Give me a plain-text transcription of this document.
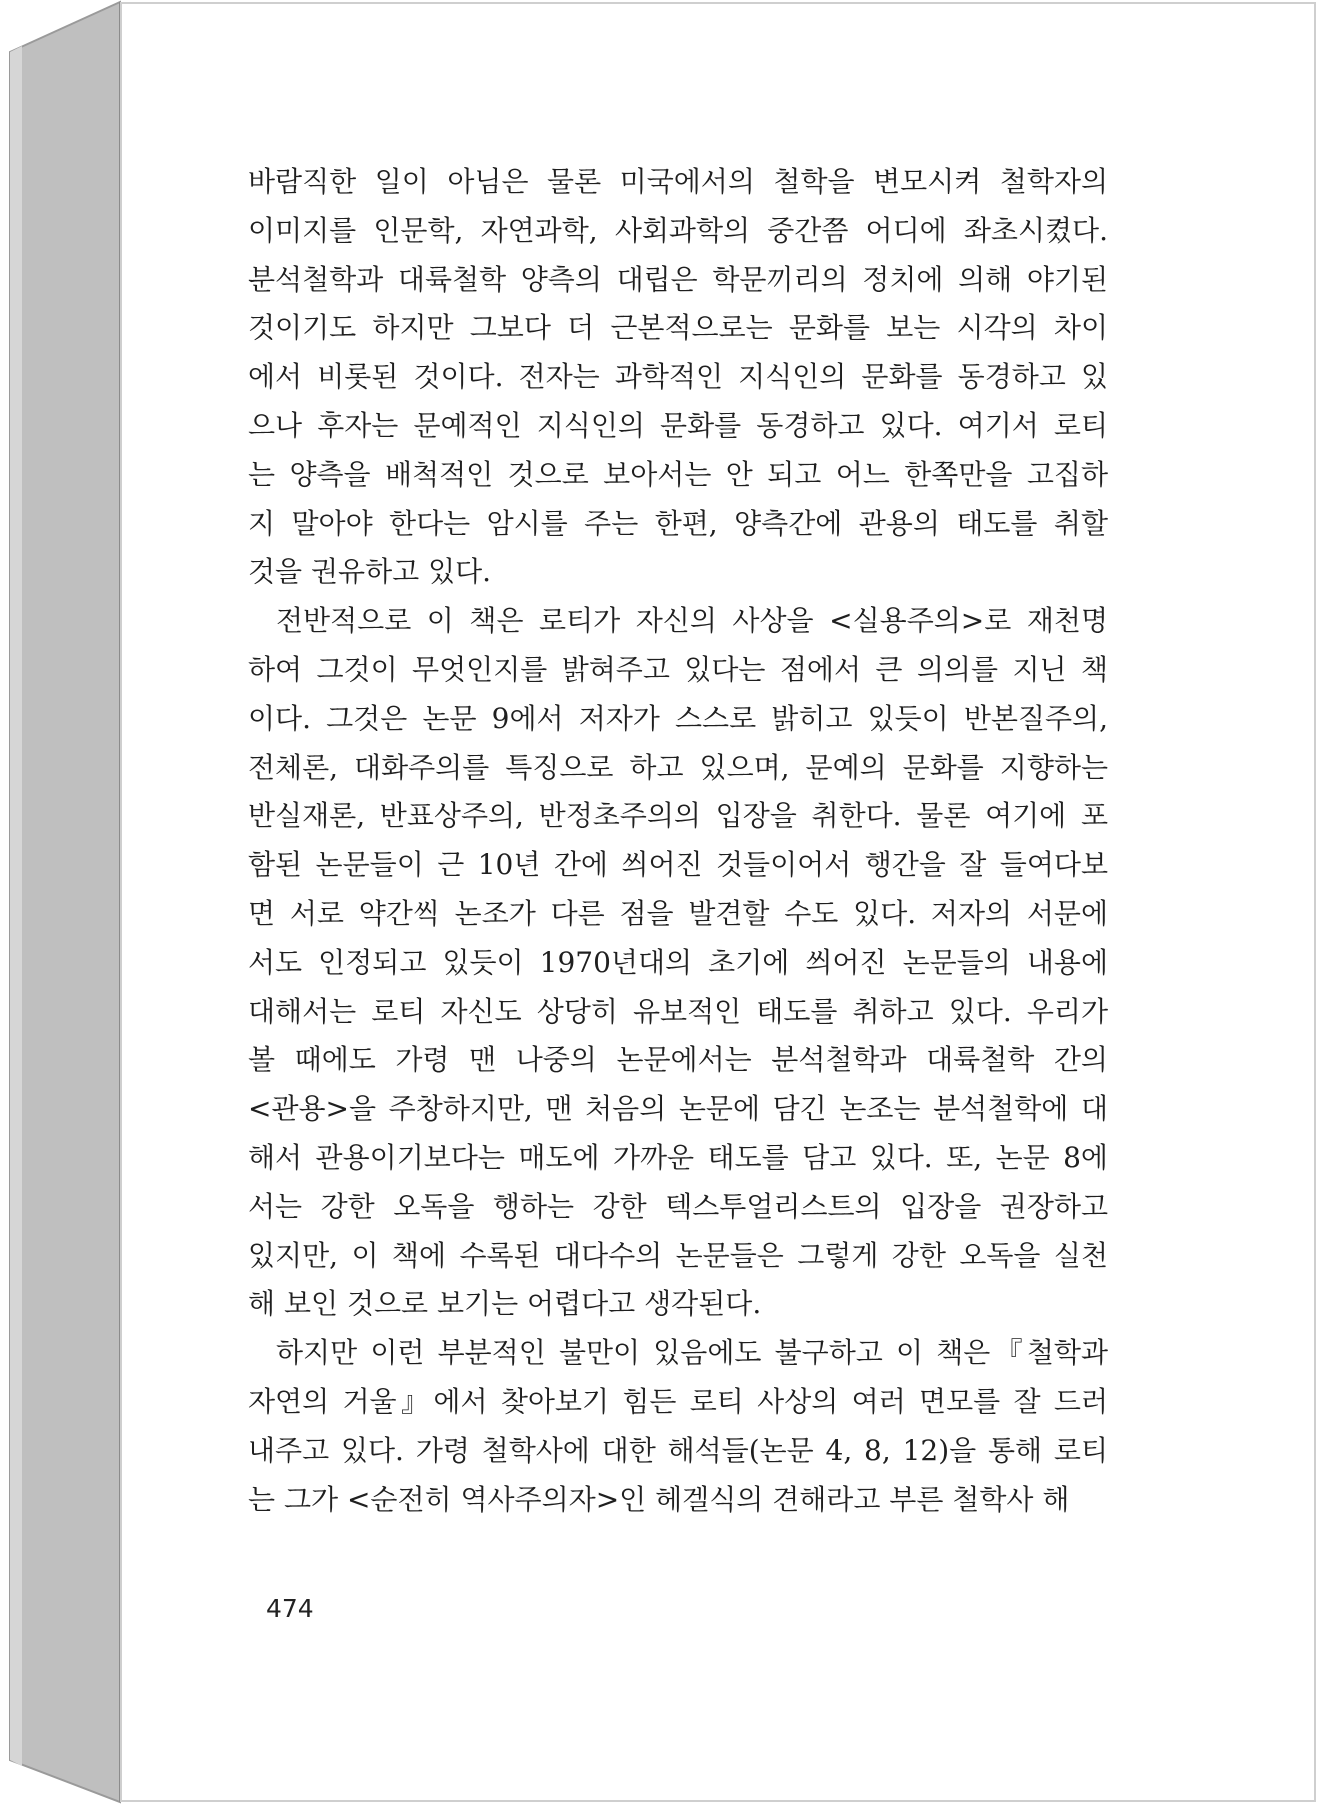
바람직한 일이 아님은 물론 미국에서의 철학을 변모시켜 철학자의
이미지를 인문학, 자연과학, 사회과학의 중간쯤 어디에 좌초시켰다.
분석철학과 대륙철학 양측의 대립은 학문끼리의 정치에 의해 야기된
것이기도 하지만 그보다 더 근본적으로는 문화를 보는 시각의 차이
에서 비롯된 것이다. 전자는 과학적인 지식인의 문화를 동경하고 있
으나 후자는 문예적인 지식인의 문화를 동경하고 있다. 여기서 로티
는 양측을 배척적인 것으로 보아서는 안 되고 어느 한쪽만을 고집하
지 말아야 한다는 암시를 주는 한편, 양측간에 관용의 태도를 취할
것을 권유하고 있다.
전반적으로 이 책은 로티가 자신의 사상을 <실용주의>로 재천명
하여 그것이 무엇인지를 밝혀주고 있다는 점에서 큰 의의를 지닌 책
이다. 그것은 논문 9에서 저자가 스스로 밝히고 있듯이 반본질주의,
전체론, 대화주의를 특징으로 하고 있으며, 문예의 문화를 지향하는
반실재론, 반표상주의, 반정초주의의 입장을 취한다. 물론 여기에 포
함된 논문들이 근 10년 간에 씌어진 것들이어서 행간을 잘 들여다보
면 서로 약간씩 논조가 다른 점을 발견할 수도 있다. 저자의 서문에
서도 인정되고 있듯이 1970년대의 초기에 씌어진 논문들의 내용에
대해서는 로티 자신도 상당히 유보적인 태도를 취하고 있다. 우리가
볼 때에도 가령 맨 나중의 논문에서는 분석철학과 대륙철학 간의
<관용>을 주창하지만, 맨 처음의 논문에 담긴 논조는 분석철학에 대
해서 관용이기보다는 매도에 가까운 태도를 담고 있다. 또, 논문 8에
서는 강한 오독을 행하는 강한 텍스투얼리스트의 입장을 권장하고
있지만, 이 책에 수록된 대다수의 논문들은 그렇게 강한 오독을 실천
해 보인 것으로 보기는 어렵다고 생각된다.
하지만 이런 부분적인 불만이 있음에도 불구하고 이 책은『철학과
자연의 거울』에서 찾아보기 힘든 로티 사상의 여러 면모를 잘 드러
내주고 있다. 가령 철학사에 대한 해석들(논문 4, 8, 12)을 통해 로티
는 그가 <순전히 역사주의자>인 헤겔식의 견해라고 부른 철학사 해
474
